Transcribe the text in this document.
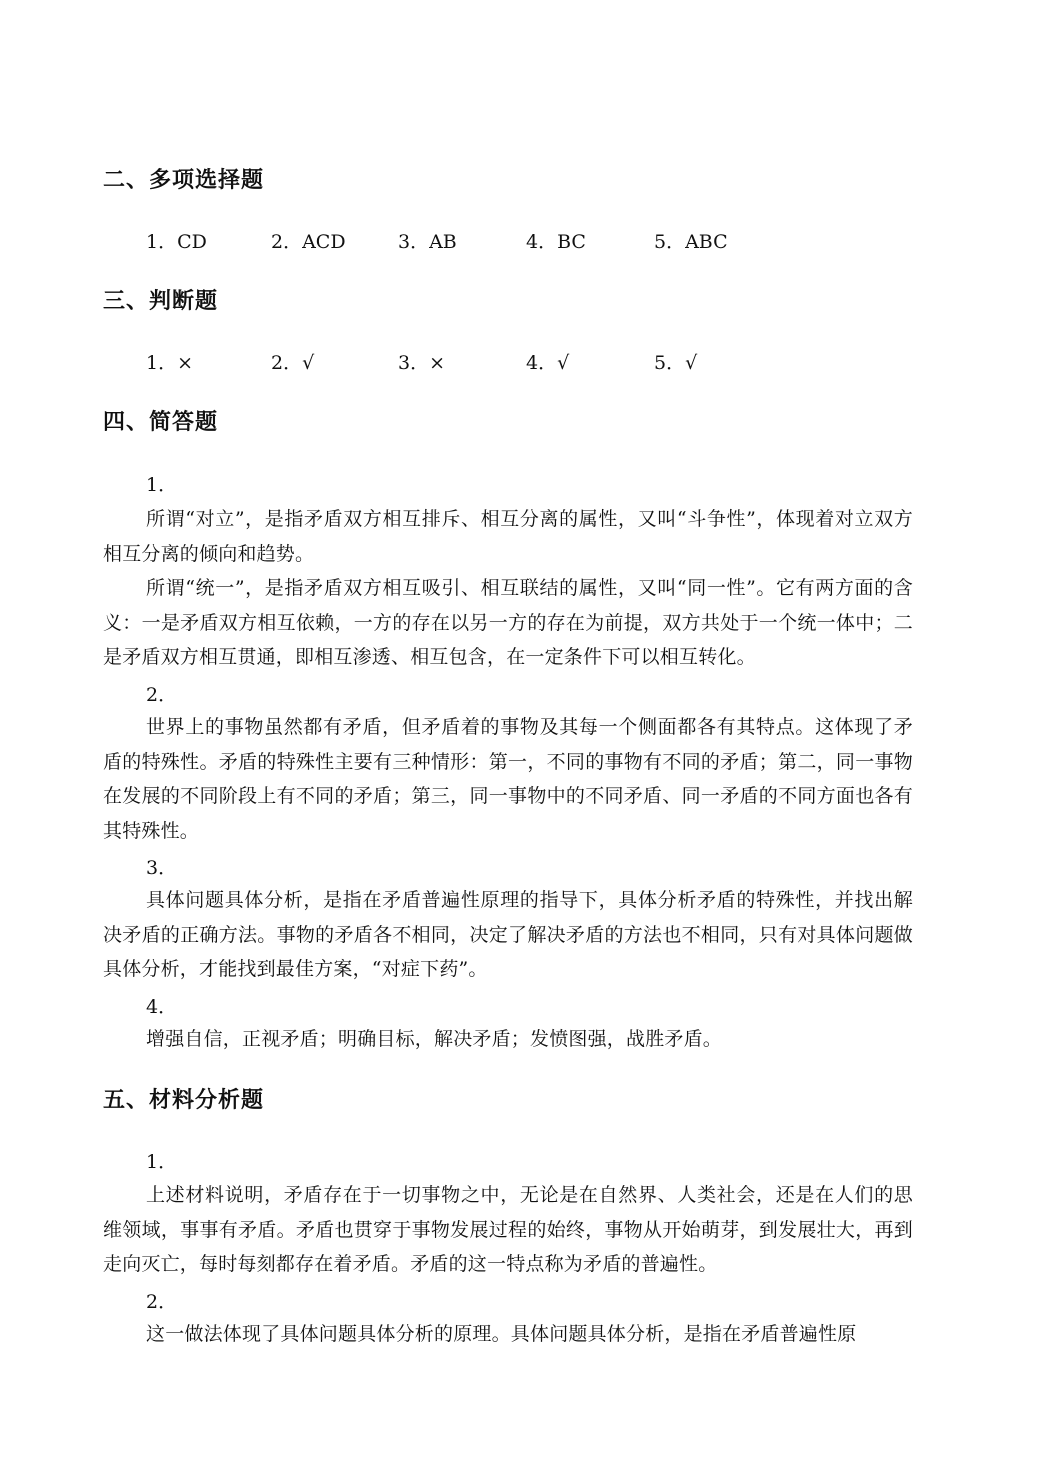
二、多项选择题
1．CD	2．ACD	3．AB	4．BC	5．ABC
三、判断题
1．×	2．√	3．×	4．√	5．√
四、简答题
1．

所谓“对立”，是指矛盾双方相互排斥、相互分离的属性，又叫“斗争性”，体现着对立双方相互分离的倾向和趋势。

所谓“统一”，是指矛盾双方相互吸引、相互联结的属性，又叫“同一性”。它有两方面的含义：一是矛盾双方相互依赖，一方的存在以另一方的存在为前提，双方共处于一个统一体中；二是矛盾双方相互贯通，即相互渗透、相互包含，在一定条件下可以相互转化。

2．

世界上的事物虽然都有矛盾，但矛盾着的事物及其每一个侧面都各有其特点。这体现了矛盾的特殊性。矛盾的特殊性主要有三种情形：第一，不同的事物有不同的矛盾；第二，同一事物在发展的不同阶段上有不同的矛盾；第三，同一事物中的不同矛盾、同一矛盾的不同方面也各有其特殊性。

3．

具体问题具体分析，是指在矛盾普遍性原理的指导下，具体分析矛盾的特殊性，并找出解决矛盾的正确方法。事物的矛盾各不相同，决定了解决矛盾的方法也不相同，只有对具体问题做具体分析，才能找到最佳方案，“对症下药”。

4．

增强自信，正视矛盾；明确目标，解决矛盾；发愤图强，战胜矛盾。

五、材料分析题
1．

上述材料说明，矛盾存在于一切事物之中，无论是在自然界、人类社会，还是在人们的思维领域，事事有矛盾。矛盾也贯穿于事物发展过程的始终，事物从开始萌芽，到发展壮大，再到走向灭亡，每时每刻都存在着矛盾。矛盾的这一特点称为矛盾的普遍性。

2．

这一做法体现了具体问题具体分析的原理。具体问题具体分析，是指在矛盾普遍性原
